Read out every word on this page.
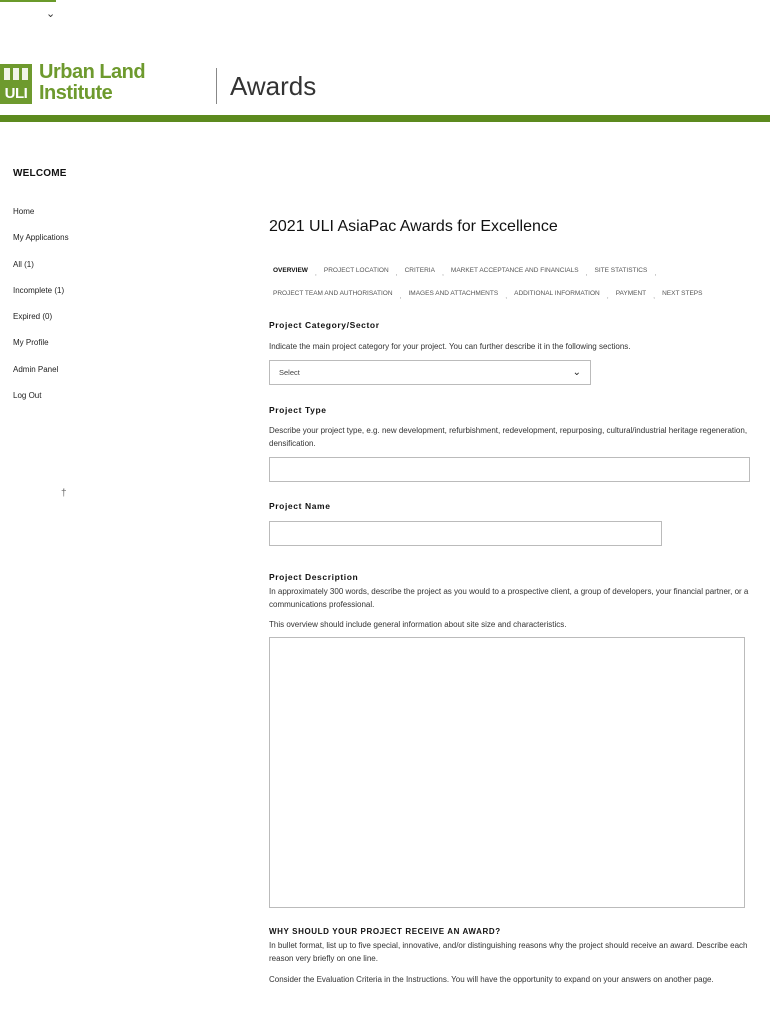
⌄
ULI
Urban Land
Institute	Awards
WELCOME
Home
My Applications
All (1)
Incomplete (1)
Expired (0)
My Profile
Admin Panel
Log Out
†
2021 ULI AsiaPac Awards for Excellence
OVERVIEW	,	PROJECT LOCATION	,	CRITERIA	,	MARKET ACCEPTANCE AND FINANCIALS	,	SITE STATISTICS	,
PROJECT TEAM AND AUTHORISATION	,	IMAGES AND ATTACHMENTS	,	ADDITIONAL INFORMATION	,	PAYMENT	,	NEXT STEPS
Project Category/Sector
Indicate the main project category for your project. You can further describe it in the following sections.
Select	⌄
Project Type
Describe your project type, e.g. new development, refurbishment, redevelopment, repurposing, cultural/industrial heritage regeneration, densification.
Project Name
Project Description
In approximately 300 words, describe the project as you would to a prospective client, a group of developers, your financial partner, or a communications professional.
This overview should include general information about site size and characteristics.
WHY SHOULD YOUR PROJECT RECEIVE AN AWARD?
In bullet format, list up to five special, innovative, and/or distinguishing reasons why the project should receive an award. Describe each reason very briefly on one line.
Consider the Evaluation Criteria in the Instructions. You will have the opportunity to expand on your answers on another page.
